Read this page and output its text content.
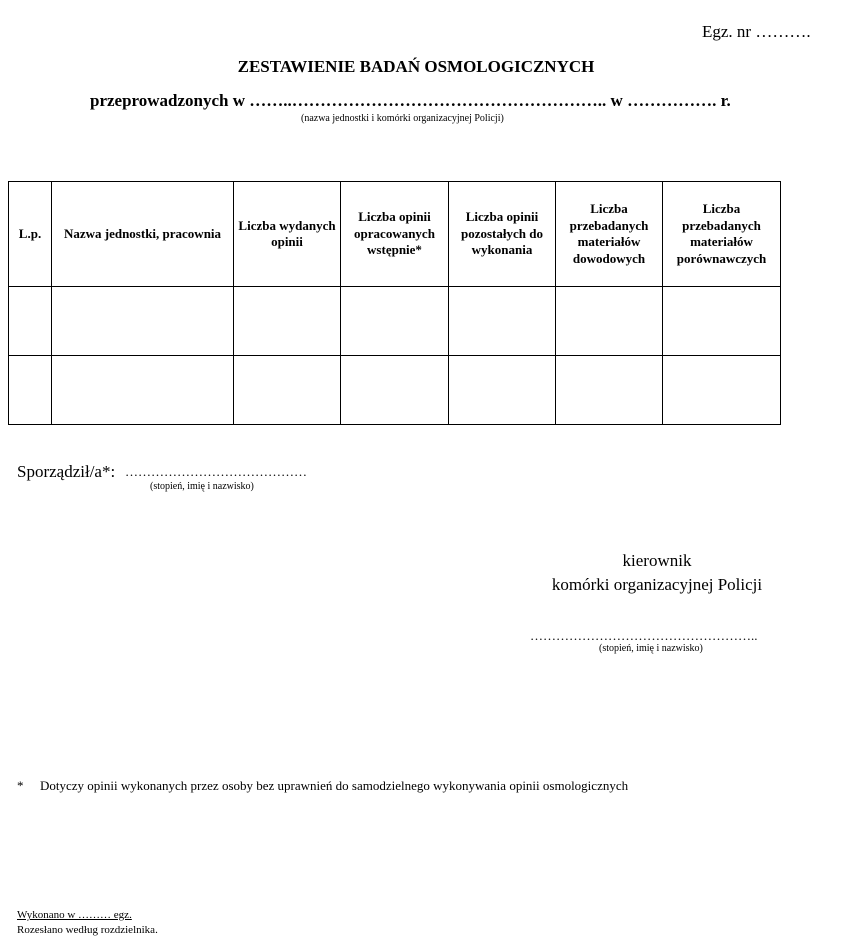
Egz. nr ……….
ZESTAWIENIE BADAŃ OSMOLOGICZNYCH
przeprowadzonych w ……..……………………………………………….. w ……………. r.
(nazwa jednostki i komórki organizacyjnej Policji)
L.p.	Nazwa jednostki, pracownia	Liczba wydanych opinii	Liczba opinii opracowanych wstępnie*	Liczba opinii pozostałych do wykonania	Liczba przebadanych materiałów dowodowych	Liczba przebadanych materiałów porównawczych

Sporządził/a*: ……………………………………
(stopień, imię i nazwisko)
kierownik
komórki organizacyjnej Policji
……………………………………………..
(stopień, imię i nazwisko)
* Dotyczy opinii wykonanych przez osoby bez uprawnień do samodzielnego wykonywania opinii osmologicznych
Wykonano w ……… egz.
Rozesłano według rozdzielnika.
